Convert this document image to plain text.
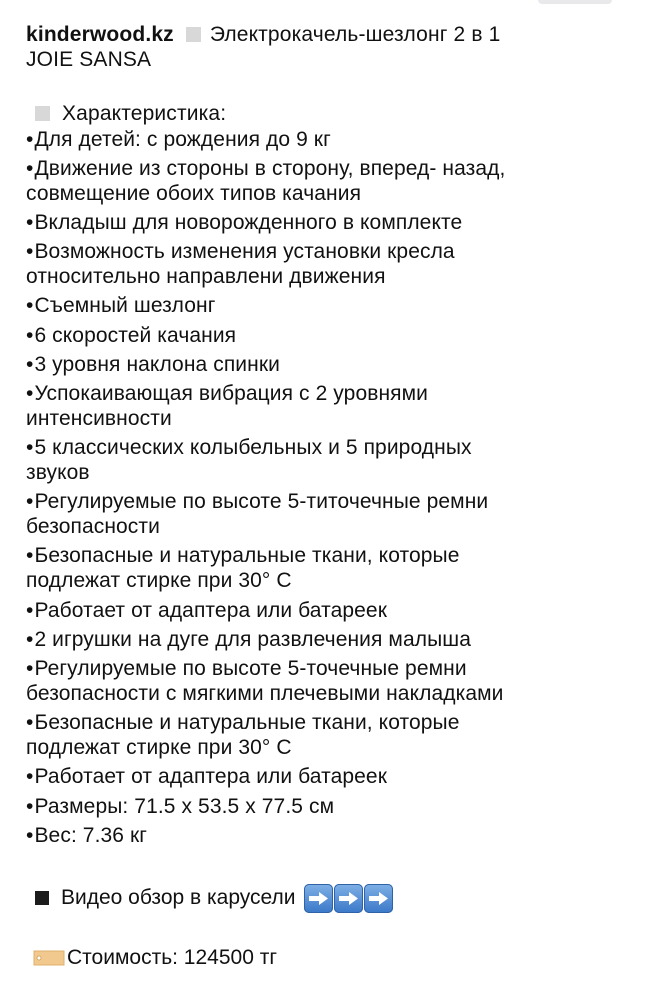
kinderwood.kz Электрокачель-шезлонг 2 в 1
JOIE SANSA
Характеристика:
•Для детей: с рождения до 9 кг
•Движение из стороны в сторону, вперед- назад,
совмещение обоих типов качания
•Вкладыш для новорожденного в комплекте
•Возможность изменения установки кресла
относительно направлени движения
•Съемный шезлонг
•6 скоростей качания
•3 уровня наклона спинки
•Успокаивающая вибрация с 2 уровнями
интенсивности
•5 классических колыбельных и 5 природных
звуков
•Регулируемые по высоте 5-титочечные ремни
безопасности
•Безопасные и натуральные ткани, которые
подлежат стирке при 30° C
•Работает от адаптера или батареек
•2 игрушки на дуге для развлечения малыша
•Регулируемые по высоте 5-точечные ремни
безопасности с мягкими плечевыми накладками
•Безопасные и натуральные ткани, которые
подлежат стирке при 30° C
•Работает от адаптера или батареек
•Размеры: 71.5 х 53.5 х 77.5 см
•Вес: 7.36 кг
Видео обзор в карусели
Стоимость: 124500 тг
